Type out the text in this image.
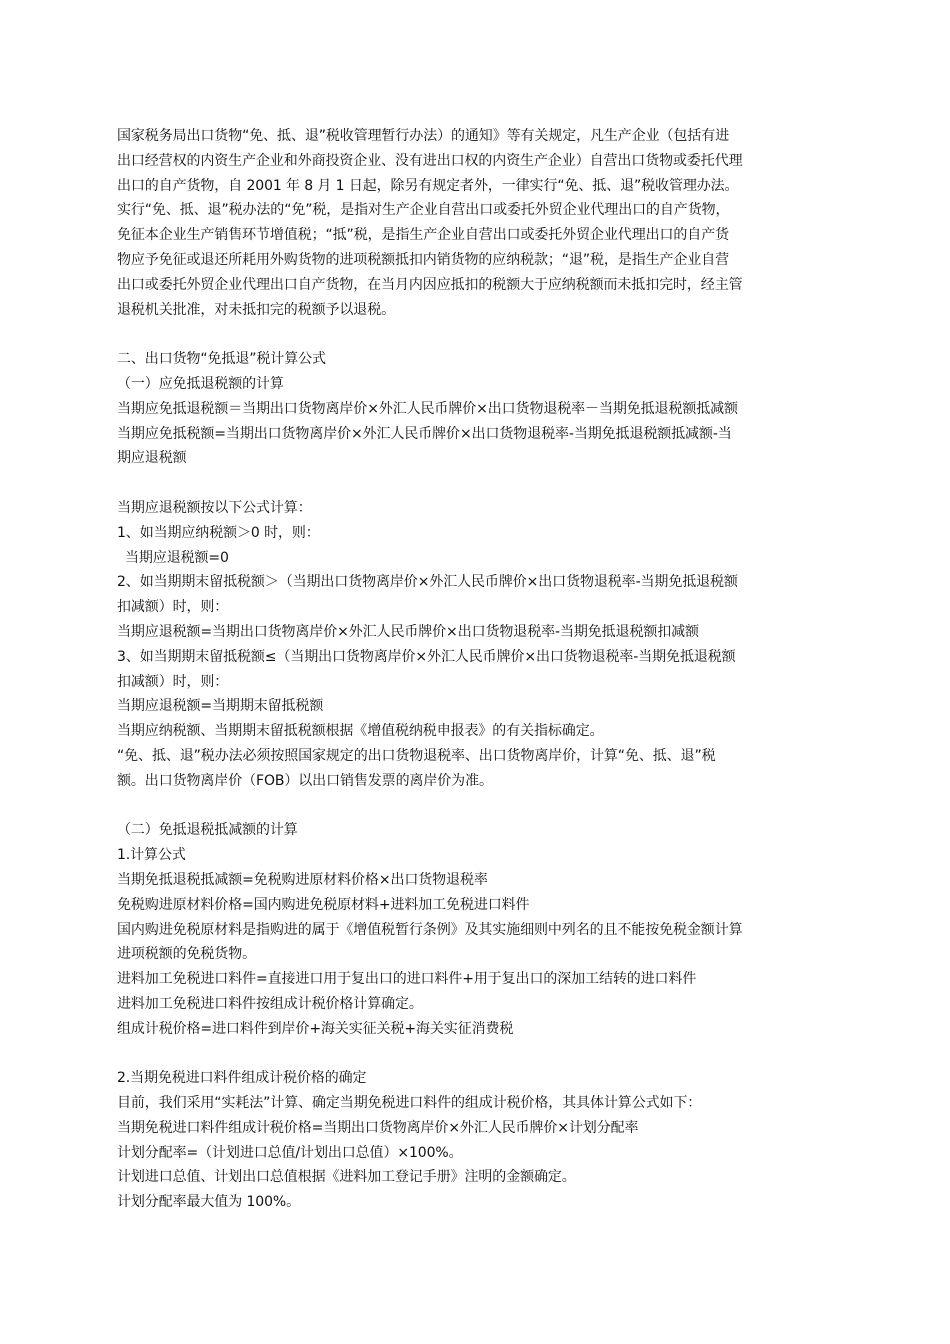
国家税务局出口货物“免、抵、退”税收管理暂行办法）的通知》等有关规定，凡生产企业（包括有进
出口经营权的内资生产企业和外商投资企业、没有进出口权的内资生产企业）自营出口货物或委托代理
出口的自产货物，自 2001 年 8 月 1 日起，除另有规定者外，一律实行“免、抵、退”税收管理办法。
实行“免、抵、退”税办法的“免”税，是指对生产企业自营出口或委托外贸企业代理出口的自产货物，
免征本企业生产销售环节增值税；“抵”税，是指生产企业自营出口或委托外贸企业代理出口的自产货
物应予免征或退还所耗用外购货物的进项税额抵扣内销货物的应纳税款；“退”税，是指生产企业自营
出口或委托外贸企业代理出口自产货物，在当月内因应抵扣的税额大于应纳税额而未抵扣完时，经主管
退税机关批准，对未抵扣完的税额予以退税。
二、出口货物“免抵退”税计算公式
（一）应免抵退税额的计算
当期应免抵退税额＝当期出口货物离岸价×外汇人民币牌价×出口货物退税率－当期免抵退税额抵减额
当期应免抵税额=当期出口货物离岸价×外汇人民币牌价×出口货物退税率-当期免抵退税额抵减额-当
期应退税额
当期应退税额按以下公式计算：
1、如当期应纳税额＞0 时，则：
当期应退税额=0
2、如当期期末留抵税额＞（当期出口货物离岸价×外汇人民币牌价×出口货物退税率-当期免抵退税额
扣减额）时，则：
当期应退税额=当期出口货物离岸价×外汇人民币牌价×出口货物退税率-当期免抵退税额扣减额
3、如当期期末留抵税额≤（当期出口货物离岸价×外汇人民币牌价×出口货物退税率-当期免抵退税额
扣减额）时，则：
当期应退税额=当期期末留抵税额
当期应纳税额、当期期末留抵税额根据《增值税纳税申报表》的有关指标确定。
“免、抵、退”税办法必须按照国家规定的出口货物退税率、出口货物离岸价，计算“免、抵、退”税
额。出口货物离岸价（FOB）以出口销售发票的离岸价为准。
（二）免抵退税抵减额的计算
1.计算公式
当期免抵退税抵减额=免税购进原材料价格×出口货物退税率
免税购进原材料价格=国内购进免税原材料+进料加工免税进口料件
国内购进免税原材料是指购进的属于《增值税暂行条例》及其实施细则中列名的且不能按免税金额计算
进项税额的免税货物。
进料加工免税进口料件=直接进口用于复出口的进口料件+用于复出口的深加工结转的进口料件
进料加工免税进口料件按组成计税价格计算确定。
组成计税价格=进口料件到岸价+海关实征关税+海关实征消费税
2.当期免税进口料件组成计税价格的确定
目前，我们采用“实耗法”计算、确定当期免税进口料件的组成计税价格，其具体计算公式如下：
当期免税进口料件组成计税价格=当期出口货物离岸价×外汇人民币牌价×计划分配率
计划分配率=（计划进口总值/计划出口总值）×100%。
计划进口总值、计划出口总值根据《进料加工登记手册》注明的金额确定。
计划分配率最大值为 100%。
